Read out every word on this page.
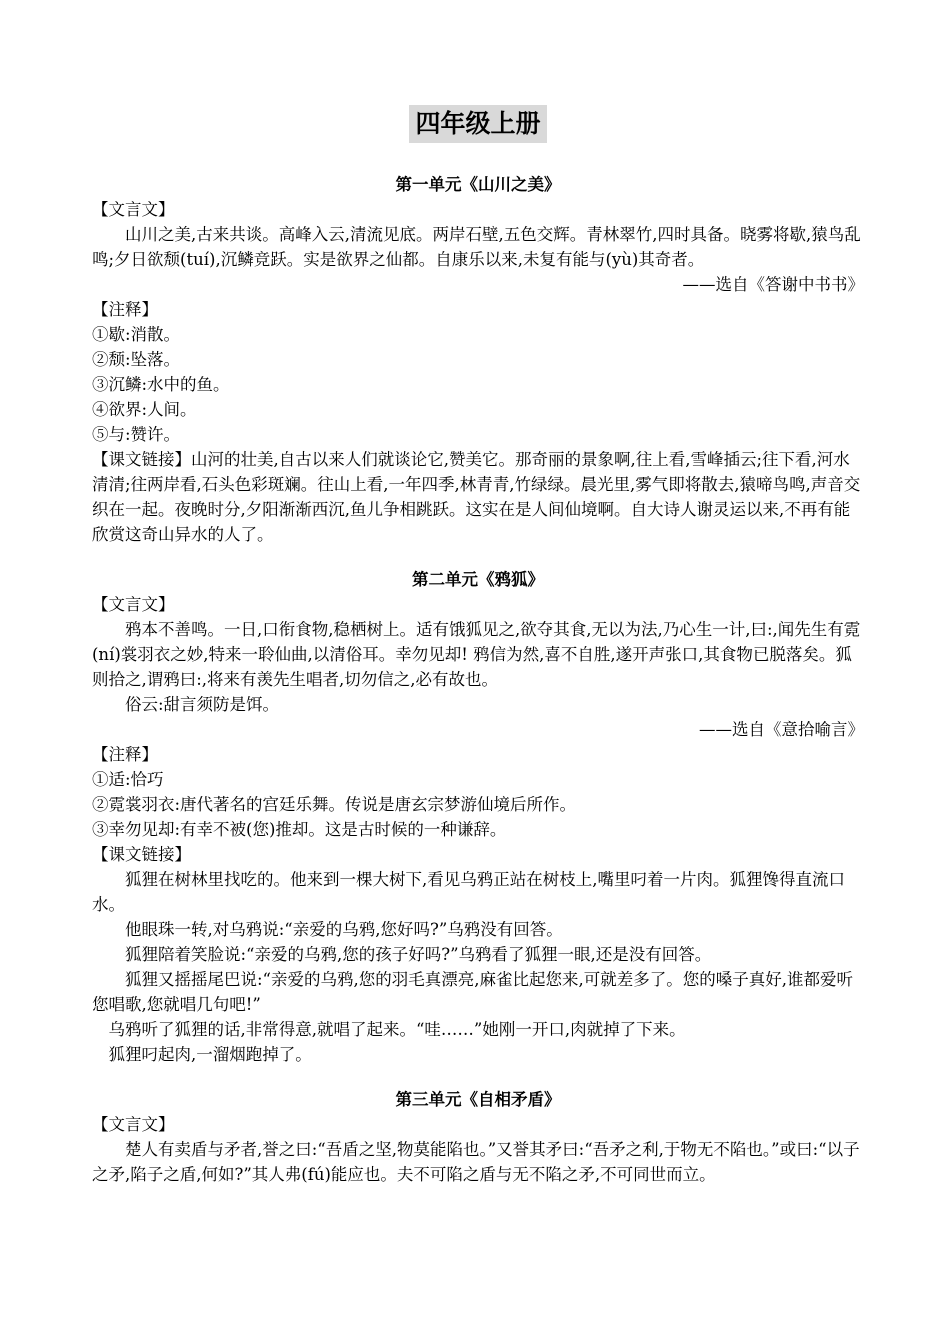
四年级上册
第一单元《山川之美》
【文言文】
山川之美,古来共谈。高峰入云,清流见底。两岸石壁,五色交辉。青林翠竹,四时具备。晓雾将歇,猿鸟乱鸣;夕日欲颓(tuí),沉鳞竞跃。实是欲界之仙都。自康乐以来,未复有能与(yù)其奇者。
——选自《答谢中书书》
【注释】
①歇:消散。
②颓:坠落。
③沉鳞:水中的鱼。
④欲界:人间。
⑤与:赞许。
【课文链接】山河的壮美,自古以来人们就谈论它,赞美它。那奇丽的景象啊,往上看,雪峰插云;往下看,河水清清;往两岸看,石头色彩斑斓。往山上看,一年四季,林青青,竹绿绿。晨光里,雾气即将散去,猿啼鸟鸣,声音交织在一起。夜晚时分,夕阳渐渐西沉,鱼儿争相跳跃。这实在是人间仙境啊。自大诗人谢灵运以来,不再有能欣赏这奇山异水的人了。
第二单元《鸦狐》
【文言文】
鸦本不善鸣。一日,口衔食物,稳栖树上。适有饿狐见之,欲夺其食,无以为法,乃心生一计,曰:,闻先生有霓(ní)裳羽衣之妙,特来一聆仙曲,以清俗耳。幸勿见却! 鸦信为然,喜不自胜,遂开声张口,其食物已脱落矣。狐则拾之,谓鸦曰:,将来有羡先生唱者,切勿信之,必有故也。
俗云:甜言须防是饵。
——选自《意拾喻言》
【注释】
①适:恰巧
②霓裳羽衣:唐代著名的宫廷乐舞。传说是唐玄宗梦游仙境后所作。
③幸勿见却:有幸不被(您)推却。这是古时候的一种谦辞。
【课文链接】
狐狸在树林里找吃的。他来到一棵大树下,看见乌鸦正站在树枝上,嘴里叼着一片肉。狐狸馋得直流口水。
他眼珠一转,对乌鸦说:“亲爱的乌鸦,您好吗?”乌鸦没有回答。
狐狸陪着笑脸说:“亲爱的乌鸦,您的孩子好吗?”乌鸦看了狐狸一眼,还是没有回答。
狐狸又摇摇尾巴说:“亲爱的乌鸦,您的羽毛真漂亮,麻雀比起您来,可就差多了。您的嗓子真好,谁都爱听您唱歌,您就唱几句吧!”
乌鸦听了狐狸的话,非常得意,就唱了起来。“哇……”她刚一开口,肉就掉了下来。
狐狸叼起肉,一溜烟跑掉了。
第三单元《自相矛盾》
【文言文】
楚人有卖盾与矛者,誉之曰:“吾盾之坚,物莫能陷也。”又誉其矛曰:“吾矛之利,于物无不陷也。”或曰:“以子之矛,陷子之盾,何如?”其人弗(fú)能应也。夫不可陷之盾与无不陷之矛,不可同世而立。
